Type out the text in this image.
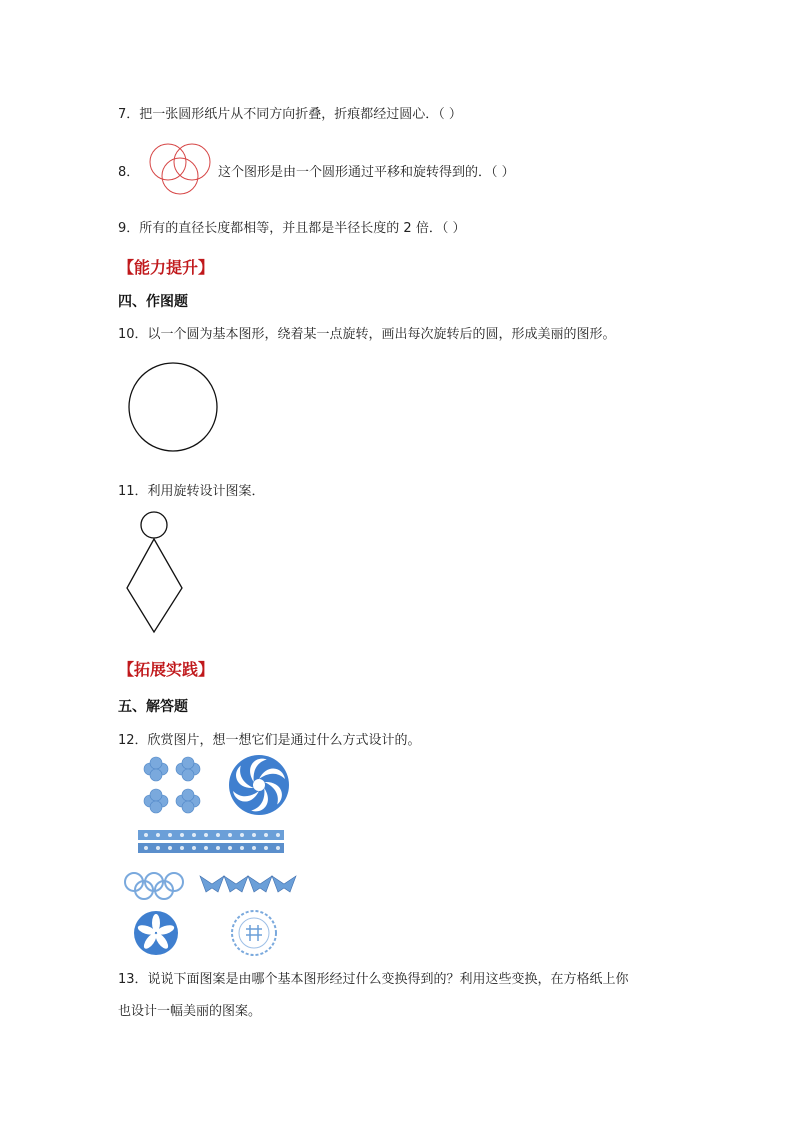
7．把一张圆形纸片从不同方向折叠，折痕都经过圆心．（ ）
8．	这个图形是由一个圆形通过平移和旋转得到的．（ ）
9．所有的直径长度都相等，并且都是半径长度的 2 倍．（ ）
【能力提升】
四、作图题
10．以一个圆为基本图形，绕着某一点旋转，画出每次旋转后的圆，形成美丽的图形。
11．利用旋转设计图案．
【拓展实践】
五、解答题
12．欣赏图片，想一想它们是通过什么方式设计的。
13．说说下面图案是由哪个基本图形经过什么变换得到的？利用这些变换，在方格纸上你
也设计一幅美丽的图案。
